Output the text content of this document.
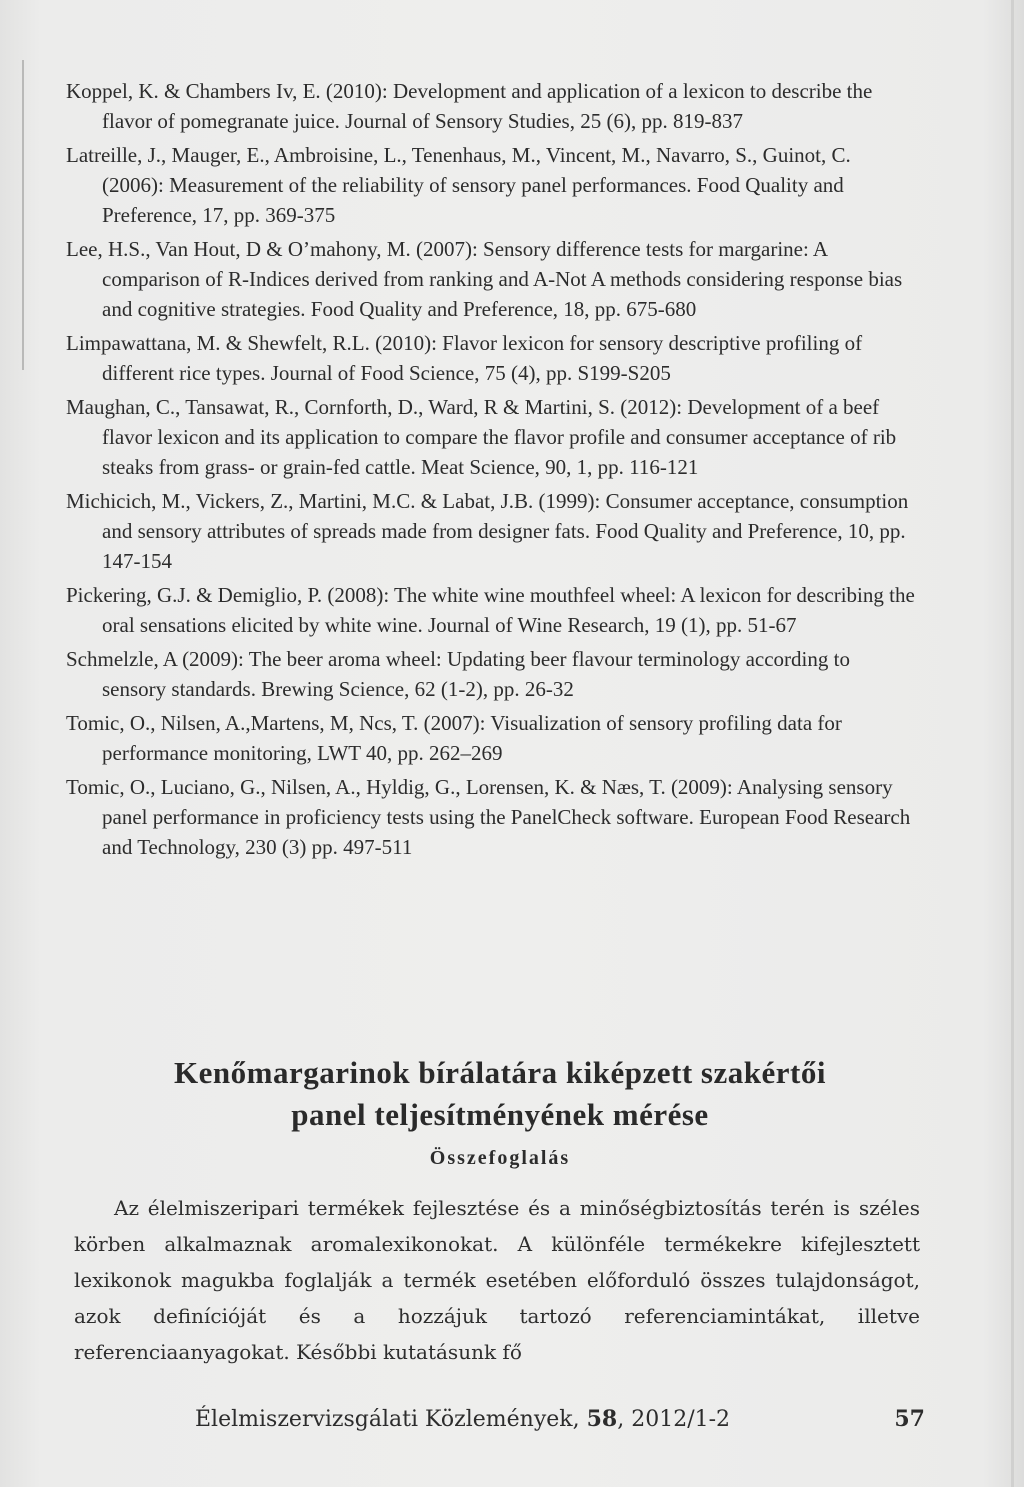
Koppel, K. & Chambers Iv, E. (2010): Development and application of a lexicon to describe the flavor of pomegranate juice. Journal of Sensory Studies, 25 (6), pp. 819-837

Latreille, J., Mauger, E., Ambroisine, L., Tenenhaus, M., Vincent, M., Navarro, S., Guinot, C. (2006): Measurement of the reliability of sensory panel performances. Food Quality and Preference, 17, pp. 369-375

Lee, H.S., Van Hout, D & O’mahony, M. (2007): Sensory difference tests for margarine: A comparison of R-Indices derived from ranking and A-Not A methods considering response bias and cognitive strategies. Food Quality and Preference, 18, pp. 675-680

Limpawattana, M. & Shewfelt, R.L. (2010): Flavor lexicon for sensory descriptive profiling of different rice types. Journal of Food Science, 75 (4), pp. S199-S205

Maughan, C., Tansawat, R., Cornforth, D., Ward, R & Martini, S. (2012): Development of a beef flavor lexicon and its application to compare the flavor profile and consumer acceptance of rib steaks from grass- or grain-fed cattle. Meat Science, 90, 1, pp. 116-121

Michicich, M., Vickers, Z., Martini, M.C. & Labat, J.B. (1999): Consumer acceptance, consumption and sensory attributes of spreads made from designer fats. Food Quality and Preference, 10, pp. 147-154

Pickering, G.J. & Demiglio, P. (2008): The white wine mouthfeel wheel: A lexicon for describing the oral sensations elicited by white wine. Journal of Wine Research, 19 (1), pp. 51-67

Schmelzle, A (2009): The beer aroma wheel: Updating beer flavour terminology according to sensory standards. Brewing Science, 62 (1-2), pp. 26-32

Tomic, O., Nilsen, A.,Martens, M, Ncs, T. (2007): Visualization of sensory profiling data for performance monitoring, LWT 40, pp. 262–269

Tomic, O., Luciano, G., Nilsen, A., Hyldig, G., Lorensen, K. & Næs, T. (2009): Analysing sensory panel performance in proficiency tests using the PanelCheck software. European Food Research and Technology, 230 (3) pp. 497-511

Kenőmargarinok bírálatára kiképzett szakértői
panel teljesítményének mérése
Összefoglalás

Az élelmiszeripari termékek fejlesztése és a minőségbiztosítás terén is széles körben alkalmaznak aromalexikonokat. A különféle termékekre kifejlesztett lexikonok magukba foglalják a termék esetében előforduló összes tulajdonságot, azok definícióját és a hozzájuk tartozó referenciamintákat, illetve referenciaanyagokat. Későbbi kutatásunk fő

Élelmiszervizsgálati Közlemények, 58, 2012/1-2	57
